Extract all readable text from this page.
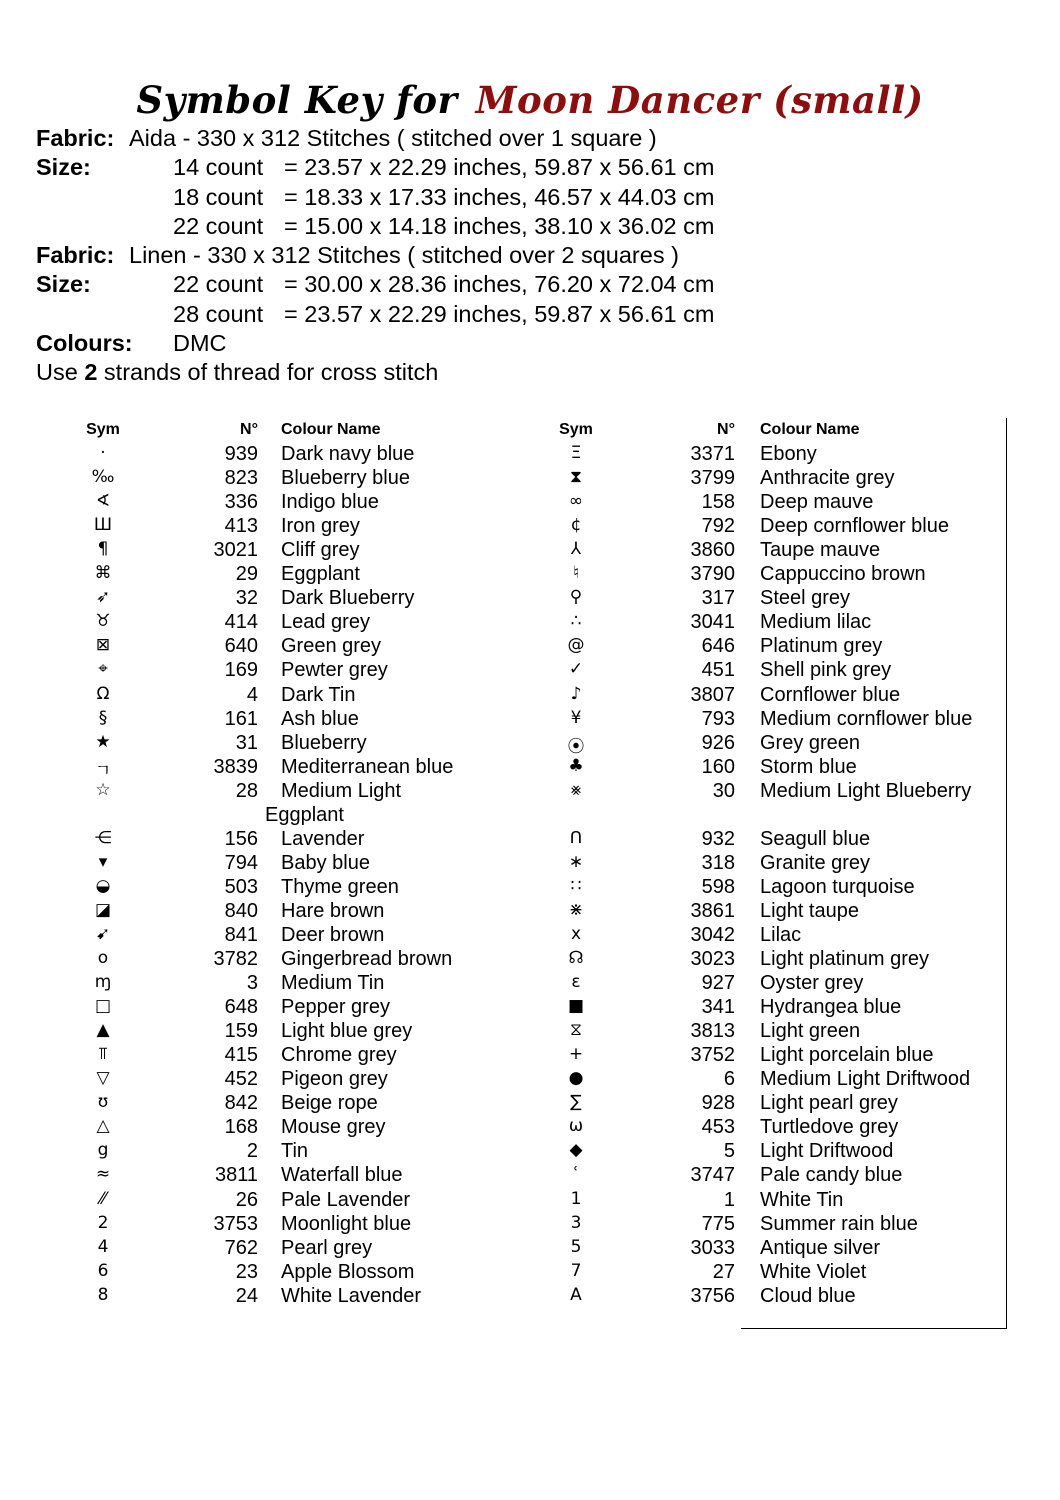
Symbol Key for Moon Dancer (small)
Fabric: Aida - 330 x 312 Stitches ( stitched over 1 square )
Size:	14 count = 23.57 x 22.29 inches, 59.87 x 56.61 cm
18 count = 18.33 x 17.33 inches, 46.57 x 44.03 cm
22 count = 15.00 x 14.18 inches, 38.10 x 36.02 cm
Fabric: Linen - 330 x 312 Stitches ( stitched over 2 squares )
Size:	22 count = 30.00 x 28.36 inches, 76.20 x 72.04 cm
28 count = 23.57 x 22.29 inches, 59.87 x 56.61 cm
Colours: DMC
Use 2 strands of thread for cross stitch
Sym	N° Colour Name
·	939 Dark navy blue
‰	823 Blueberry blue
∢	336 Indigo blue
Ш	413 Iron grey
¶	3021 Cliff grey
⌘	29 Eggplant
➶	32 Dark Blueberry
♉	414 Lead grey
⊠	640 Green grey
⌖	169 Pewter grey
Ω	4 Dark Tin
§	161 Ash blue
★	31 Blueberry
ㄱ	3839 Mediterranean blue
☆	28 Medium Light
Eggplant
⋲	156 Lavender
▾	794 Baby blue
◒	503 Thyme green
◪	840 Hare brown
➹	841 Deer brown
o	3782 Gingerbread brown
ɱ	3 Medium Tin
□	648 Pepper grey
▲	159 Light blue grey
⫪	415 Chrome grey
▽	452 Pigeon grey
ʊ	842 Beige rope
△	168 Mouse grey
g	2 Tin
≈	3811 Waterfall blue
⁄⁄	26 Pale Lavender
2	3753 Moonlight blue
4	762 Pearl grey
6	23 Apple Blossom
8	24 White Lavender
Sym	N° Colour Name
Ξ	3371 Ebony
⧗	3799 Anthracite grey
∞	158 Deep mauve
¢	792 Deep cornflower blue
⅄	3860 Taupe mauve
♮	3790 Cappuccino brown
⚲	317 Steel grey
∴	3041 Medium lilac
@	646 Platinum grey
✓	451 Shell pink grey
♪	3807 Cornflower blue
¥	793 Medium cornflower blue
⦿	926 Grey green
♣	160 Storm blue
⨳	30 Medium Light Blueberry
ᑎ	932 Seagull blue
∗	318 Granite grey
∷	598 Lagoon turquoise
⋇	3861 Light taupe
x	3042 Lilac
☊	3023 Light platinum grey
ε	927 Oyster grey
■	341 Hydrangea blue
⧖	3813 Light green
+	3752 Light porcelain blue
●	6 Medium Light Driftwood
∑	928 Light pearl grey
ω	453 Turtledove grey
◆	5 Light Driftwood
ʿ	3747 Pale candy blue
1	1 White Tin
3	775 Summer rain blue
5	3033 Antique silver
7	27 White Violet
A	3756 Cloud blue
